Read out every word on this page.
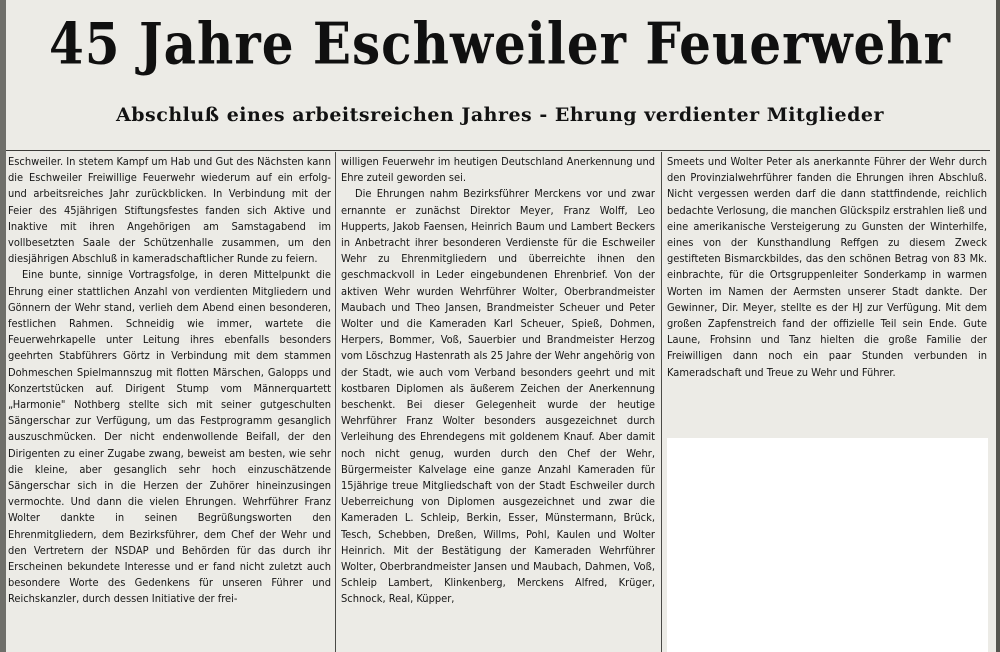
45 Jahre Eschweiler Feuerwehr
Abschluß eines arbeitsreichen Jahres - Ehrung verdienter Mitglieder

Eschweiler. In stetem Kampf um Hab und Gut des Nächsten kann die Eschweiler Freiwillige Feuerwehr wiederum auf ein erfolg- und arbeitsreiches Jahr zurückblicken. In Verbindung mit der Feier des 45jährigen Stiftungsfestes fanden sich Aktive und Inaktive mit ihren Angehörigen am Samstagabend im vollbesetzten Saale der Schützenhalle zusammen, um den diesjährigen Abschluß in kameradschaftlicher Runde zu feiern.

Eine bunte, sinnige Vortragsfolge, in deren Mittelpunkt die Ehrung einer stattlichen Anzahl von verdienten Mitgliedern und Gönnern der Wehr stand, verlieh dem Abend einen besonderen, festlichen Rahmen. Schneidig wie immer, wartete die Feuerwehrkapelle unter Leitung ihres ebenfalls besonders geehrten Stabführers Görtz in Verbindung mit dem stammen Dohmeschen Spielmannszug mit flotten Märschen, Galopps und Konzertstücken auf. Dirigent Stump vom Männerquartett „Harmonie" Nothberg stellte sich mit seiner gutgeschulten Sängerschar zur Verfügung, um das Festprogramm gesanglich auszuschmücken. Der nicht endenwollende Beifall, der den Dirigenten zu einer Zugabe zwang, beweist am besten, wie sehr die kleine, aber gesanglich sehr hoch einzuschätzende Sängerschar sich in die Herzen der Zuhörer hineinzusingen vermochte. Und dann die vielen Ehrungen. Wehrführer Franz Wolter dankte in seinen Begrüßungsworten den Ehrenmitgliedern, dem Bezirksführer, dem Chef der Wehr und den Vertretern der NSDAP und Behörden für das durch ihr Erscheinen bekundete Interesse und er fand nicht zuletzt auch besondere Worte des Gedenkens für unseren Führer und Reichskanzler, durch dessen Initiative der frei-

willigen Feuerwehr im heutigen Deutschland Anerkennung und Ehre zuteil geworden sei.

Die Ehrungen nahm Bezirksführer Merckens vor und zwar ernannte er zunächst Direktor Meyer, Franz Wolff, Leo Hupperts, Jakob Faensen, Heinrich Baum und Lambert Beckers in Anbetracht ihrer besonderen Verdienste für die Eschweiler Wehr zu Ehrenmitgliedern und überreichte ihnen den geschmackvoll in Leder eingebundenen Ehrenbrief. Von der aktiven Wehr wurden Wehrführer Wolter, Oberbrandmeister Maubach und Theo Jansen, Brandmeister Scheuer und Peter Wolter und die Kameraden Karl Scheuer, Spieß, Dohmen, Herpers, Bommer, Voß, Sauerbier und Brandmeister Herzog vom Löschzug Hastenrath als 25 Jahre der Wehr angehörig von der Stadt, wie auch vom Verband besonders geehrt und mit kostbaren Diplomen als äußerem Zeichen der Anerkennung beschenkt. Bei dieser Gelegenheit wurde der heutige Wehrführer Franz Wolter besonders ausgezeichnet durch Verleihung des Ehrendegens mit goldenem Knauf. Aber damit noch nicht genug, wurden durch den Chef der Wehr, Bürgermeister Kalvelage eine ganze Anzahl Kameraden für 15jährige treue Mitgliedschaft von der Stadt Eschweiler durch Ueberreichung von Diplomen ausgezeichnet und zwar die Kameraden L. Schleip, Berkin, Esser, Münstermann, Brück, Tesch, Schebben, Dreßen, Willms, Pohl, Kaulen und Wolter Heinrich. Mit der Bestätigung der Kameraden Wehrführer Wolter, Oberbrandmeister Jansen und Maubach, Dahmen, Voß, Schleip Lambert, Klinkenberg, Merckens Alfred, Krüger, Schnock, Real, Küpper,

Smeets und Wolter Peter als anerkannte Führer der Wehr durch den Provinzialwehrführer fanden die Ehrungen ihren Abschluß. Nicht vergessen werden darf die dann stattfindende, reichlich bedachte Verlosung, die manchen Glückspilz erstrahlen ließ und eine amerikanische Versteigerung zu Gunsten der Winterhilfe, eines von der Kunsthandlung Reffgen zu diesem Zweck gestifteten Bismarckbildes, das den schönen Betrag von 83 Mk. einbrachte, für die Ortsgruppenleiter Sonderkamp in warmen Worten im Namen der Aermsten unserer Stadt dankte. Der Gewinner, Dir. Meyer, stellte es der HJ zur Verfügung. Mit dem großen Zapfenstreich fand der offizielle Teil sein Ende. Gute Laune, Frohsinn und Tanz hielten die große Familie der Freiwilligen dann noch ein paar Stunden verbunden in Kameradschaft und Treue zu Wehr und Führer.
